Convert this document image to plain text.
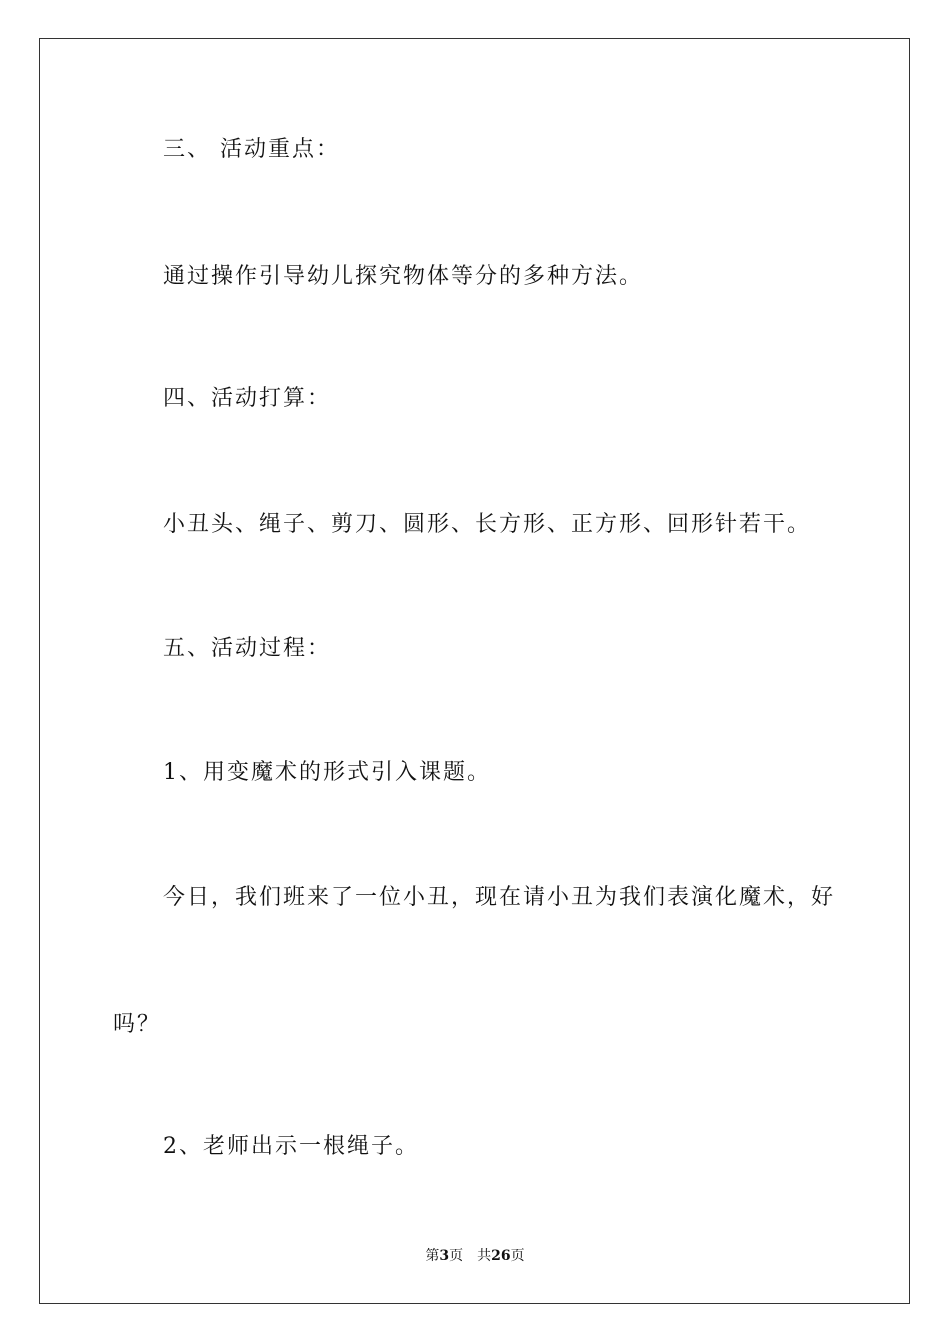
三、 活动重点：
通过操作引导幼儿探究物体等分的多种方法。
四、活动打算：
小丑头、绳子、剪刀、圆形、长方形、正方形、回形针若干。
五、活动过程：
1、用变魔术的形式引入课题。
今日，我们班来了一位小丑，现在请小丑为我们表演化魔术，好
吗？
2、老师出示一根绳子。
第3页 共26页
